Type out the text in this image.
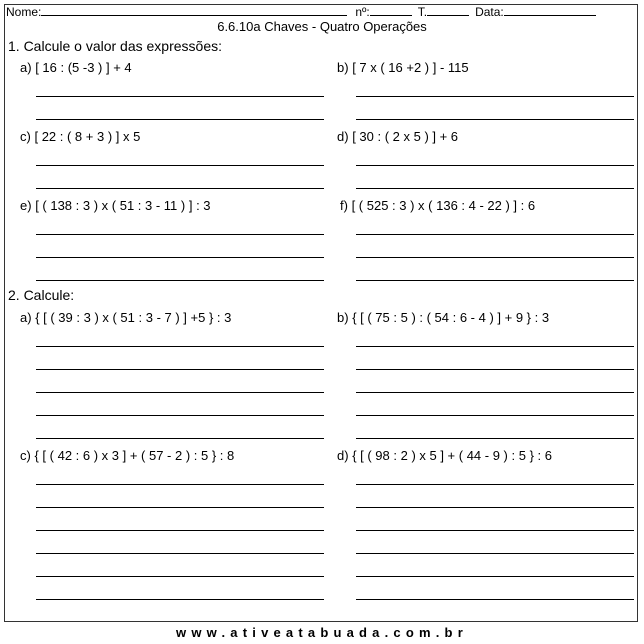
Nome:	nº:	T.	Data:
6.6.10a Chaves - Quatro Operações
1. Calcule o valor das expressões:
a) [ 16 : (5 -3 ) ] + 4	b) [ 7 x ( 16 +2 ) ] - 115
c) [ 22 : ( 8 + 3 ) ] x 5	d) [ 30 : ( 2 x 5 ) ] + 6
e) [ ( 138 : 3 ) x ( 51 : 3 - 11 ) ] : 3	f) [ ( 525 : 3 ) x ( 136 : 4 - 22 ) ] : 6
2. Calcule:
a) { [ ( 39 : 3 ) x ( 51 : 3 - 7 ) ] +5 } : 3	b) { [ ( 75 : 5 ) : ( 54 : 6 - 4 ) ] + 9 } : 3
c) { [ ( 42 : 6 ) x 3 ] + ( 57 - 2 ) : 5 } : 8	d) { [ ( 98 : 2 ) x 5 ] + ( 44 - 9 ) : 5 } : 6
www.ativeatabuada.com.br
